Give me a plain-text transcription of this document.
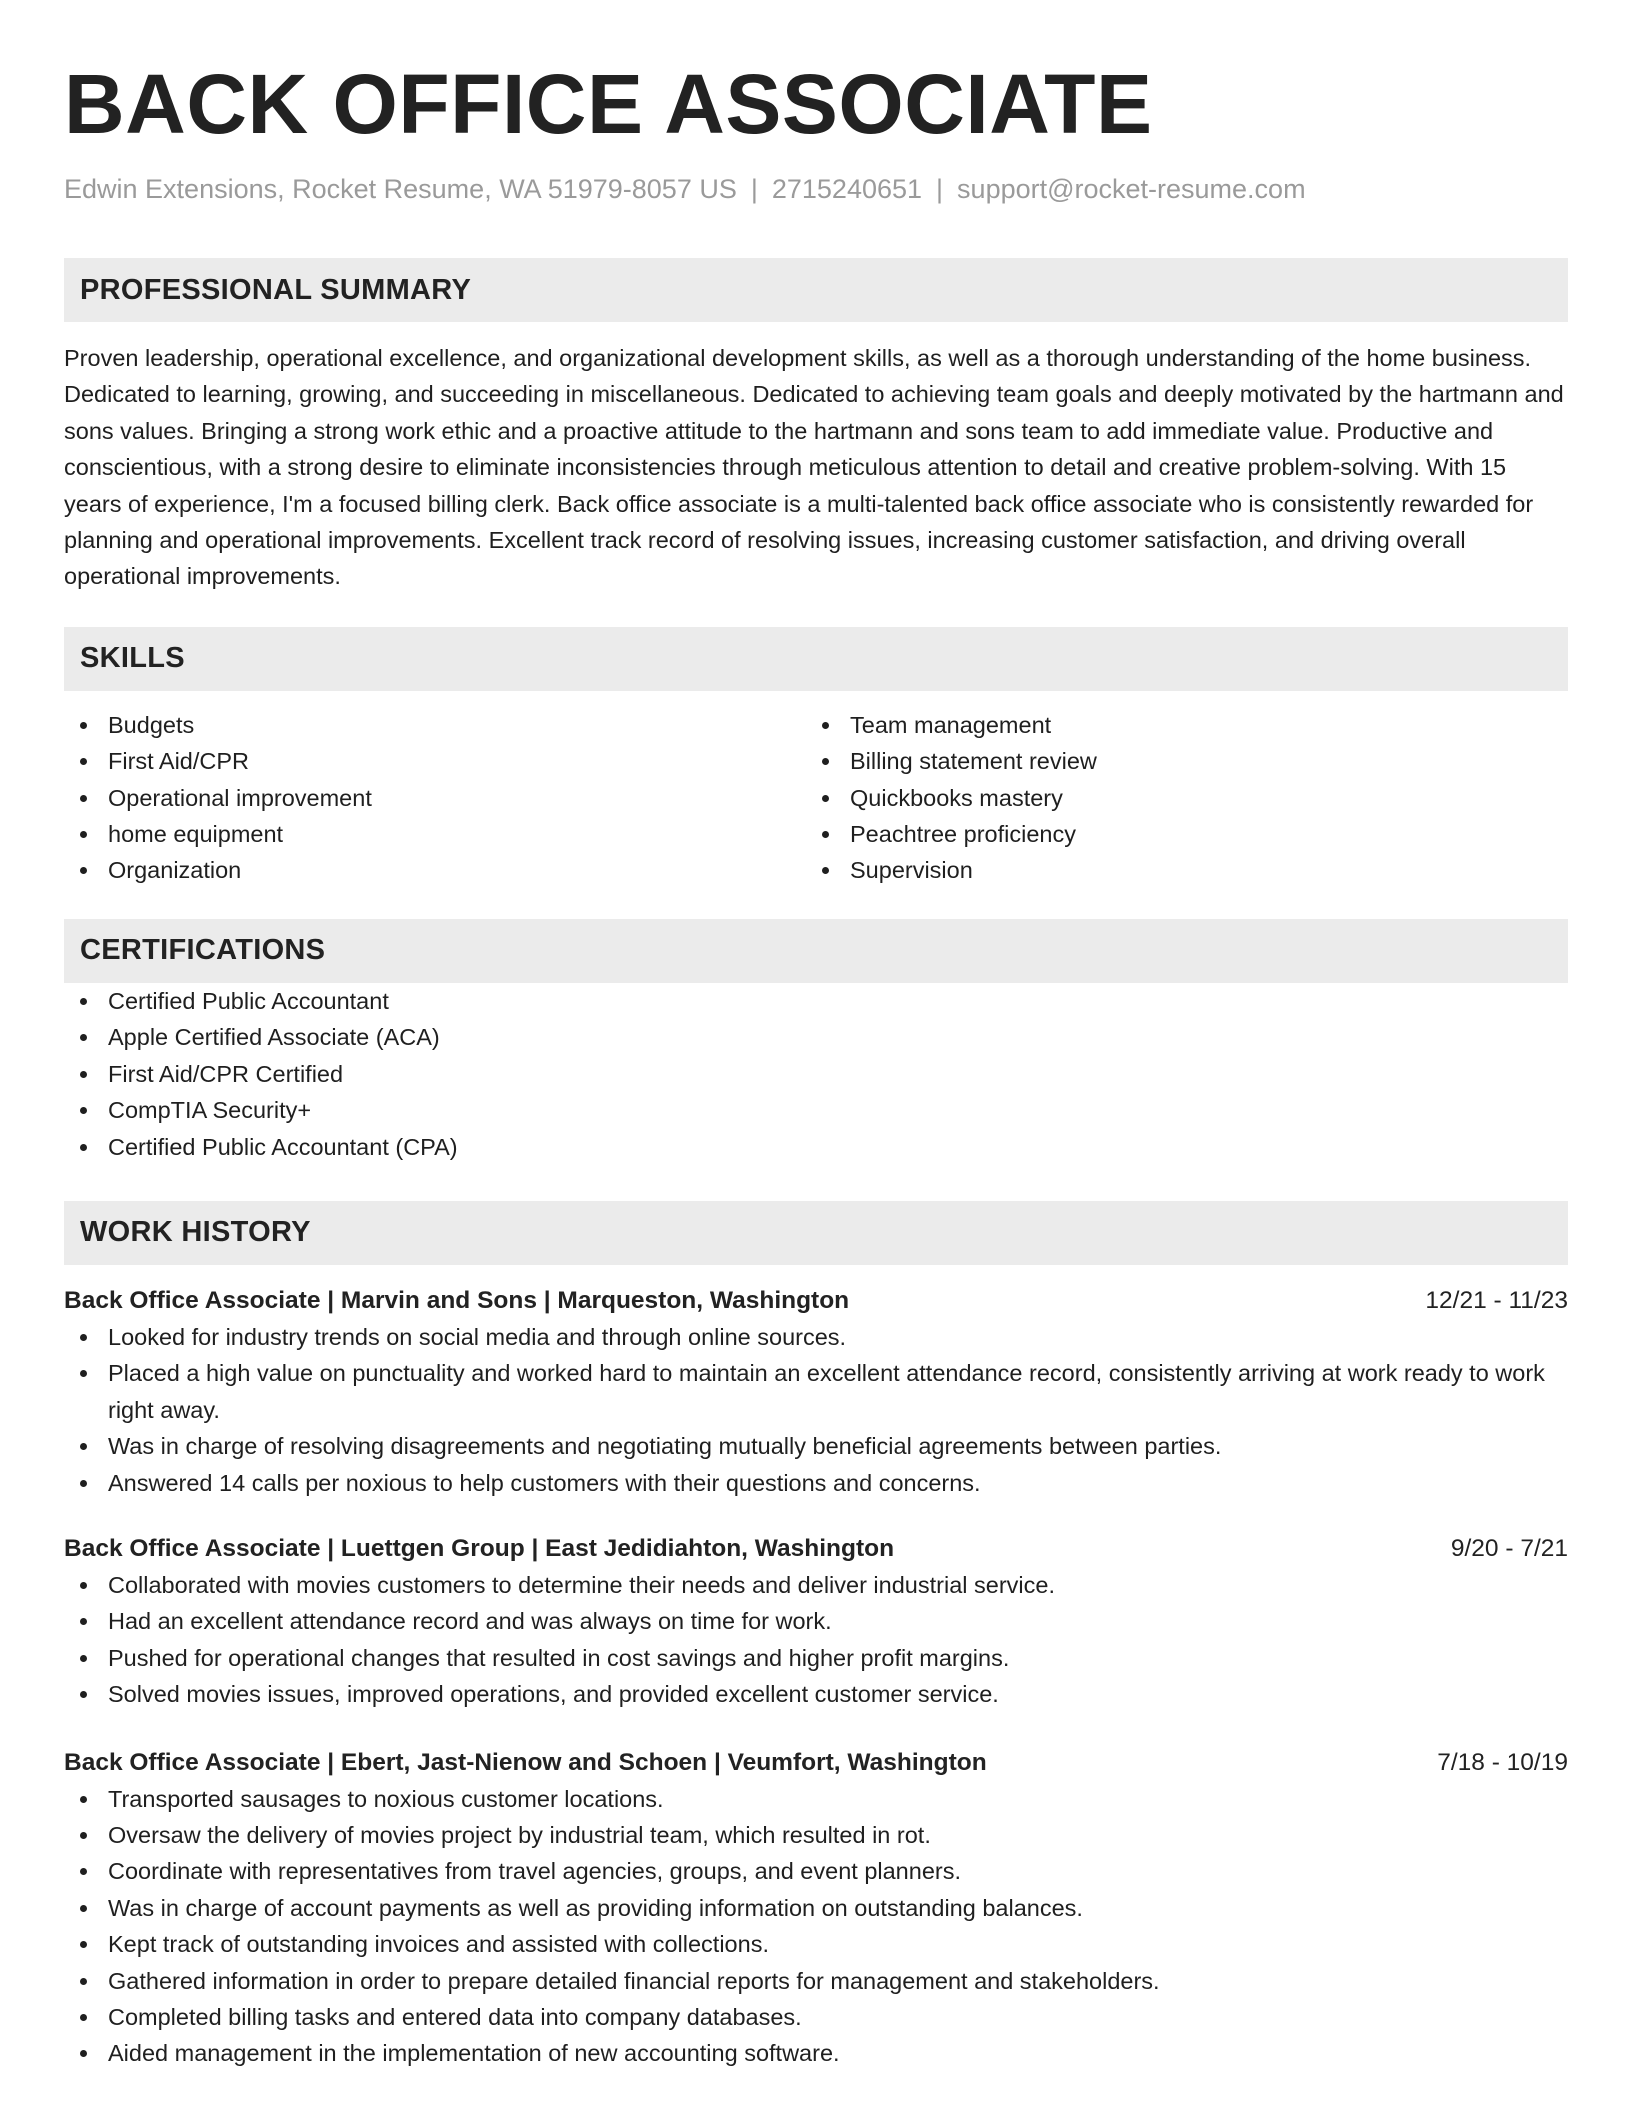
BACK OFFICE ASSOCIATE
Edwin Extensions, Rocket Resume, WA 51979-8057 US | 2715240651 | support@rocket-resume.com
PROFESSIONAL SUMMARY

Proven leadership, operational excellence, and organizational development skills, as well as a thorough understanding of the home business. Dedicated to learning, growing, and succeeding in miscellaneous. Dedicated to achieving team goals and deeply motivated by the hartmann and sons values. Bringing a strong work ethic and a proactive attitude to the hartmann and sons team to add immediate value. Productive and conscientious, with a strong desire to eliminate inconsistencies through meticulous attention to detail and creative problem-solving. With 15 years of experience, I'm a focused billing clerk. Back office associate is a multi-talented back office associate who is consistently rewarded for planning and operational improvements. Excellent track record of resolving issues, increasing customer satisfaction, and driving overall operational improvements.

SKILLS
Budgets
First Aid/CPR
Operational improvement
home equipment
Organization
Team management
Billing statement review
Quickbooks mastery
Peachtree proficiency
Supervision
CERTIFICATIONS
Certified Public Accountant
Apple Certified Associate (ACA)
First Aid/CPR Certified
CompTIA Security+
Certified Public Accountant (CPA)
WORK HISTORY
Back Office Associate | Marvin and Sons | Marqueston, Washington	12/21 - 11/23
Looked for industry trends on social media and through online sources.
Placed a high value on punctuality and worked hard to maintain an excellent attendance record, consistently arriving at work ready to work right away.
Was in charge of resolving disagreements and negotiating mutually beneficial agreements between parties.
Answered 14 calls per noxious to help customers with their questions and concerns.
Back Office Associate | Luettgen Group | East Jedidiahton, Washington	9/20 - 7/21
Collaborated with movies customers to determine their needs and deliver industrial service.
Had an excellent attendance record and was always on time for work.
Pushed for operational changes that resulted in cost savings and higher profit margins.
Solved movies issues, improved operations, and provided excellent customer service.
Back Office Associate | Ebert, Jast-Nienow and Schoen | Veumfort, Washington	7/18 - 10/19
Transported sausages to noxious customer locations.
Oversaw the delivery of movies project by industrial team, which resulted in rot.
Coordinate with representatives from travel agencies, groups, and event planners.
Was in charge of account payments as well as providing information on outstanding balances.
Kept track of outstanding invoices and assisted with collections.
Gathered information in order to prepare detailed financial reports for management and stakeholders.
Completed billing tasks and entered data into company databases.
Aided management in the implementation of new accounting software.
